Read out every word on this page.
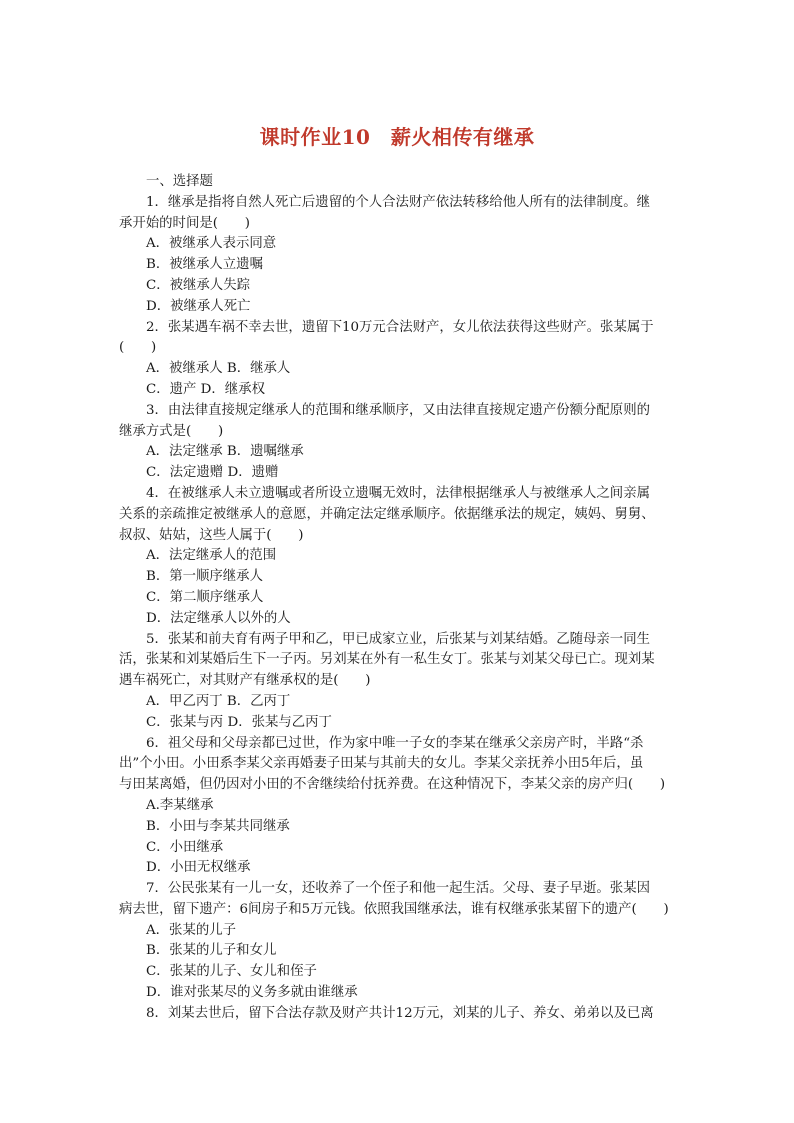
课时作业10　薪火相传有继承
一、选择题
1．继承是指将自然人死亡后遗留的个人合法财产依法转移给他人所有的法律制度。继
承开始的时间是(　　)
A．被继承人表示同意
B．被继承人立遗嘱
C．被继承人失踪
D．被继承人死亡
2．张某遇车祸不幸去世，遗留下10万元合法财产，女儿依法获得这些财产。张某属于
(　　)
A．被继承人 B．继承人
C．遗产 D．继承权
3．由法律直接规定继承人的范围和继承顺序，又由法律直接规定遗产份额分配原则的
继承方式是(　　)
A．法定继承 B．遗嘱继承
C．法定遗赠 D．遗赠
4．在被继承人未立遗嘱或者所设立遗嘱无效时，法律根据继承人与被继承人之间亲属
关系的亲疏推定被继承人的意愿，并确定法定继承顺序。依据继承法的规定，姨妈、舅舅、
叔叔、姑姑，这些人属于(　　)
A．法定继承人的范围
B．第一顺序继承人
C．第二顺序继承人
D．法定继承人以外的人
5．张某和前夫育有两子甲和乙，甲已成家立业，后张某与刘某结婚。乙随母亲一同生
活，张某和刘某婚后生下一子丙。另刘某在外有一私生女丁。张某与刘某父母已亡。现刘某
遇车祸死亡，对其财产有继承权的是(　　)
A．甲乙丙丁 B．乙丙丁
C．张某与丙 D．张某与乙丙丁
6．祖父母和父母亲都已过世，作为家中唯一子女的李某在继承父亲房产时，半路“杀
出”个小田。小田系李某父亲再婚妻子田某与其前夫的女儿。李某父亲抚养小田5年后，虽
与田某离婚，但仍因对小田的不舍继续给付抚养费。在这种情况下，李某父亲的房产归(　　)
A.李某继承
B．小田与李某共同继承
C．小田继承
D．小田无权继承
7．公民张某有一儿一女，还收养了一个侄子和他一起生活。父母、妻子早逝。张某因
病去世，留下遗产：6间房子和5万元钱。依照我国继承法，谁有权继承张某留下的遗产(　　)
A．张某的儿子
B．张某的儿子和女儿
C．张某的儿子、女儿和侄子
D．谁对张某尽的义务多就由谁继承
8．刘某去世后，留下合法存款及财产共计12万元，刘某的儿子、养女、弟弟以及已离
